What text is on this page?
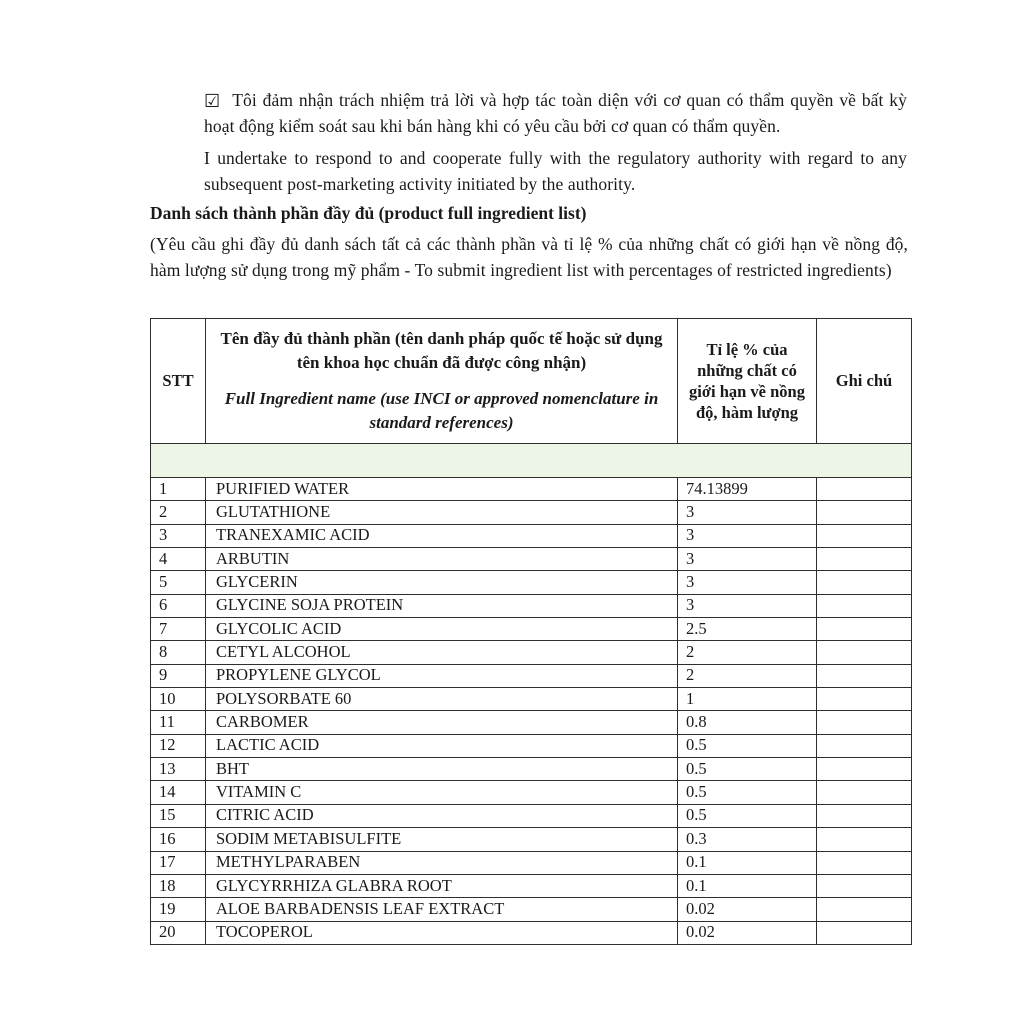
☑ Tôi đảm nhận trách nhiệm trả lời và hợp tác toàn diện với cơ quan có thẩm quyền về bất kỳ hoạt động kiểm soát sau khi bán hàng khi có yêu cầu bởi cơ quan có thẩm quyền.

I undertake to respond to and cooperate fully with the regulatory authority with regard to any subsequent post-marketing activity initiated by the authority.

Danh sách thành phần đầy đủ (product full ingredient list)

(Yêu cầu ghi đầy đủ danh sách tất cả các thành phần và tỉ lệ % của những chất có giới hạn về nồng độ, hàm lượng sử dụng trong mỹ phẩm - To submit ingredient list with percentages of restricted ingredients)

STT	Tên đầy đủ thành phần (tên danh pháp quốc tế hoặc sử dụng tên khoa học chuẩn đã được công nhận)
Full Ingredient name (use INCI or approved nomenclature in standard references)	Tỉ lệ % của những chất có giới hạn về nồng độ, hàm lượng	Ghi chú

1	PURIFIED WATER	74.13899	
2	GLUTATHIONE	3	
3	TRANEXAMIC ACID	3	
4	ARBUTIN	3	
5	GLYCERIN	3	
6	GLYCINE SOJA PROTEIN	3	
7	GLYCOLIC ACID	2.5	
8	CETYL ALCOHOL	2	
9	PROPYLENE GLYCOL	2	
10	POLYSORBATE 60	1	
11	CARBOMER	0.8	
12	LACTIC ACID	0.5	
13	BHT	0.5	
14	VITAMIN C	0.5	
15	CITRIC ACID	0.5	
16	SODIM METABISULFITE	0.3	
17	METHYLPARABEN	0.1	
18	GLYCYRRHIZA GLABRA ROOT	0.1	
19	ALOE BARBADENSIS LEAF EXTRACT	0.02	
20	TOCOPEROL	0.02	
